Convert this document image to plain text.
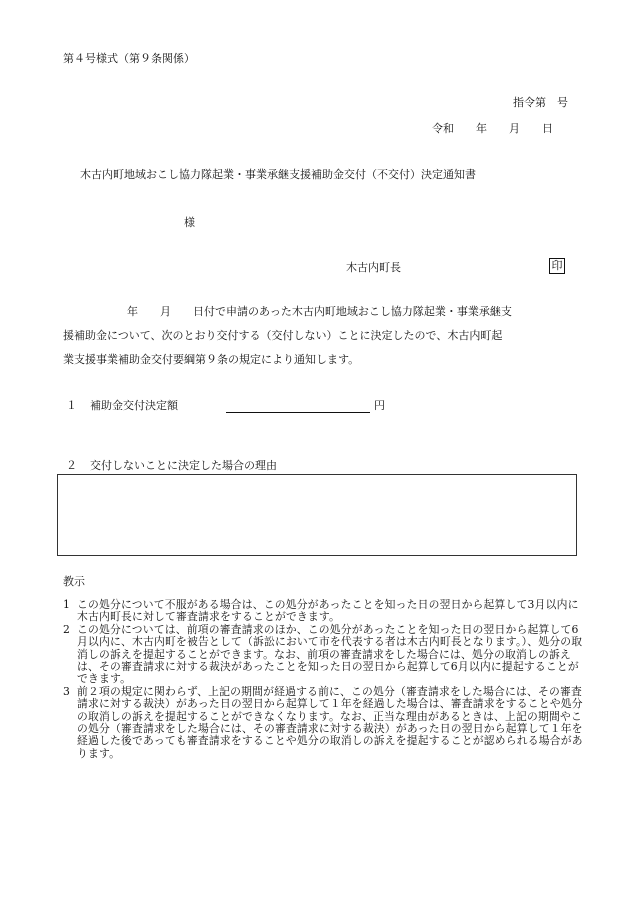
第４号様式（第９条関係）
指令第　号
令和　　年　　月　　日
木古内町地域おこし協力隊起業・事業承継支援補助金交付（不交付）決定通知書
様
木古内町長	印
年　　月　　日付で申請のあった木古内町地域おこし協力隊起業・事業承継支
援補助金について、次のとおり交付する（交付しない）ことに決定したので、木古内町起
業支援事業補助金交付要綱第９条の規定により通知します。
１ 補助金交付決定額	円
２ 交付しないことに決定した場合の理由
教示
1 この処分について不服がある場合は、この処分があったことを知った日の翌日から起算して3月以内に木古内町長に対して審査請求をすることができます。
2 この処分については、前項の審査請求のほか、この処分があったことを知った日の翌日から起算して6月以内に、木古内町を被告として（訴訟において市を代表する者は木古内町長となります。）、処分の取消しの訴えを提起することができます。なお、前項の審査請求をした場合には、処分の取消しの訴えは、その審査請求に対する裁決があったことを知った日の翌日から起算して6月以内に提起することができます。
3 前２項の規定に関わらず、上記の期間が経過する前に、この処分（審査請求をした場合には、その審査請求に対する裁決）があった日の翌日から起算して１年を経過した場合は、審査請求をすることや処分の取消しの訴えを提起することができなくなります。なお、正当な理由があるときは、上記の期間やこの処分（審査請求をした場合には、その審査請求に対する裁決）があった日の翌日から起算して１年を経過した後であっても審査請求をすることや処分の取消しの訴えを提起することが認められる場合があります。
